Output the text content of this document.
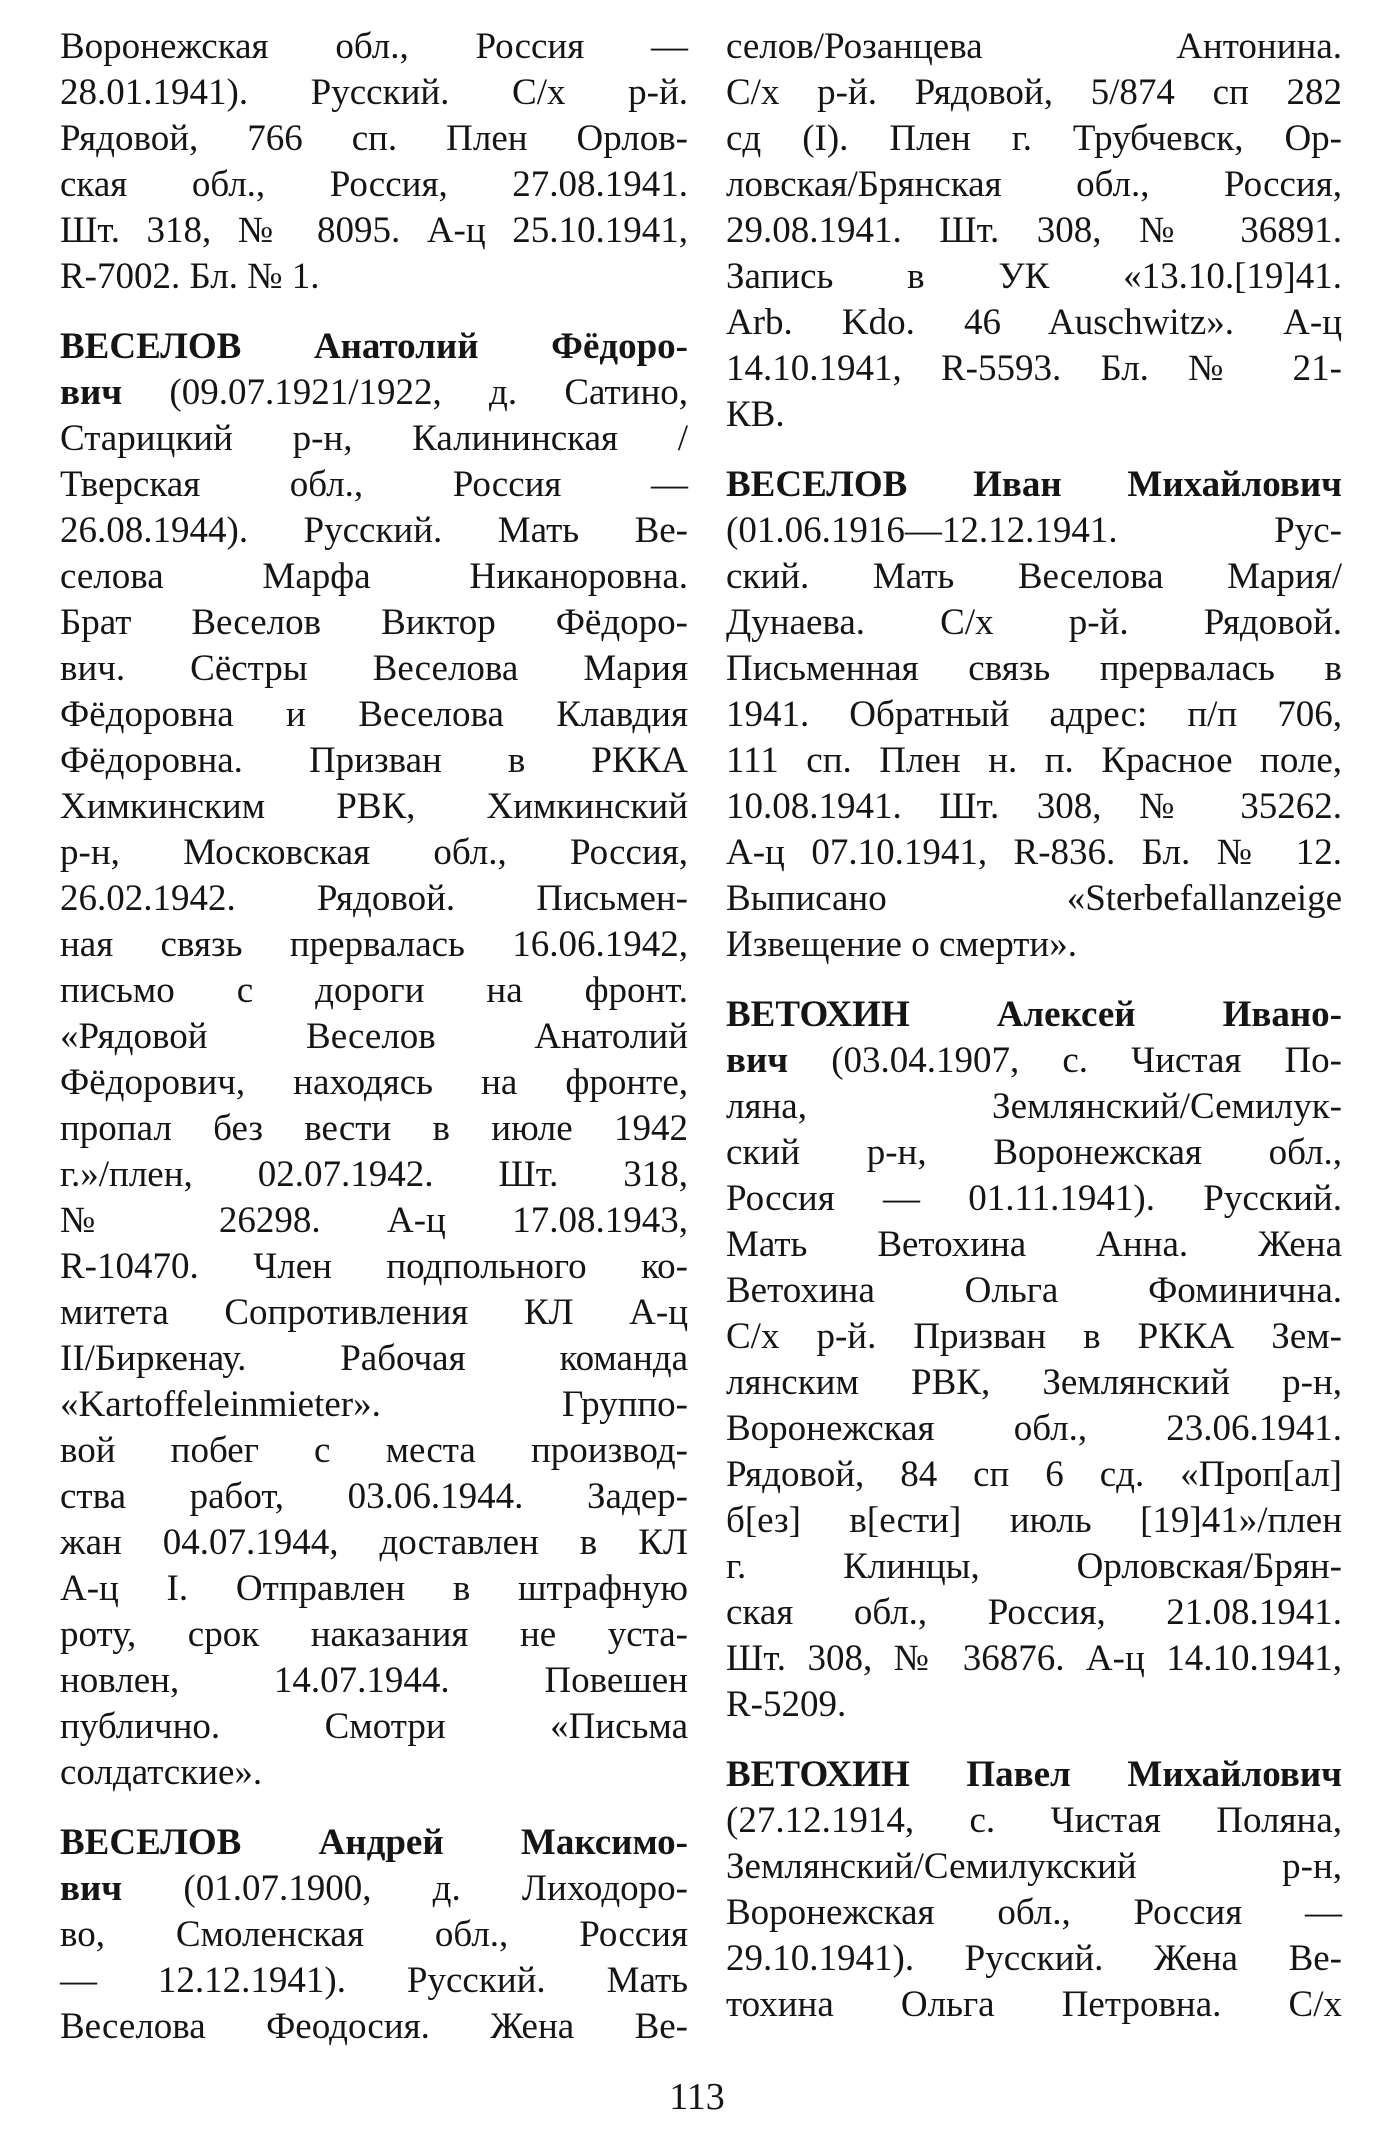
Воронежская обл., Россия —
28.01.1941). Русский. С/х р-й.
Рядовой, 766 сп. Плен Орлов-
ская обл., Россия, 27.08.1941.
Шт. 318, № 8095. А-ц 25.10.1941,
R-7002. Бл. № 1.
ВЕСЕЛОВ Анатолий Фёдоро-
вич (09.07.1921/1922, д. Сатино,
Старицкий р-н, Калининская /
Тверская обл., Россия —
26.08.1944). Русский. Мать Ве-
селова Марфа Никаноровна.
Брат Веселов Виктор Фёдоро-
вич. Сёстры Веселова Мария
Фёдоровна и Веселова Клавдия
Фёдоровна. Призван в РККА
Химкинским РВК, Химкинский
р-н, Московская обл., Россия,
26.02.1942. Рядовой. Письмен-
ная связь прервалась 16.06.1942,
письмо с дороги на фронт.
«Рядовой Веселов Анатолий
Фёдорович, находясь на фронте,
пропал без вести в июле 1942
г.»/плен, 02.07.1942. Шт. 318,
№ 26298. А-ц 17.08.1943,
R-10470. Член подпольного ко-
митета Сопротивления КЛ А-ц
II/Биркенау. Рабочая команда
«Kartoffeleinmieter». Группо-
вой побег с места производ-
ства работ, 03.06.1944. Задер-
жан 04.07.1944, доставлен в КЛ
А-ц I. Отправлен в штрафную
роту, срок наказания не уста-
новлен, 14.07.1944. Повешен
публично. Смотри «Письма
солдатские».
ВЕСЕЛОВ Андрей Максимо-
вич (01.07.1900, д. Лиходоро-
во, Смоленская обл., Россия
— 12.12.1941). Русский. Мать
Веселова Феодосия. Жена Ве-
селов/Розанцева Антонина.
С/х р-й. Рядовой, 5/874 сп 282
сд (I). Плен г. Трубчевск, Ор-
ловская/Брянская обл., Россия,
29.08.1941. Шт. 308, № 36891.
Запись в УК «13.10.[19]41.
Arb. Kdo. 46 Auschwitz». А-ц
14.10.1941, R-5593. Бл. № 21-
КВ.
ВЕСЕЛОВ Иван Михайлович
(01.06.1916—12.12.1941. Рус-
ский. Мать Веселова Мария/
Дунаева. С/х р-й. Рядовой.
Письменная связь прервалась в
1941. Обратный адрес: п/п 706,
111 сп. Плен н. п. Красное поле,
10.08.1941. Шт. 308, № 35262.
А-ц 07.10.1941, R-836. Бл. № 12.
Выписано «Sterbefallanzeige
Извещение о смерти».
ВЕТОХИН Алексей Ивано-
вич (03.04.1907, с. Чистая По-
ляна, Землянский/Семилук-
ский р-н, Воронежская обл.,
Россия — 01.11.1941). Русский.
Мать Ветохина Анна. Жена
Ветохина Ольга Фоминична.
С/х р-й. Призван в РККА Зем-
лянским РВК, Землянский р-н,
Воронежская обл., 23.06.1941.
Рядовой, 84 сп 6 сд. «Проп[ал]
б[ез] в[ести] июль [19]41»/плен
г. Клинцы, Орловская/Брян-
ская обл., Россия, 21.08.1941.
Шт. 308, № 36876. А-ц 14.10.1941,
R-5209.
ВЕТОХИН Павел Михайлович
(27.12.1914, с. Чистая Поляна,
Землянский/Семилукский р-н,
Воронежская обл., Россия —
29.10.1941). Русский. Жена Ве-
тохина Ольга Петровна. С/х
113
